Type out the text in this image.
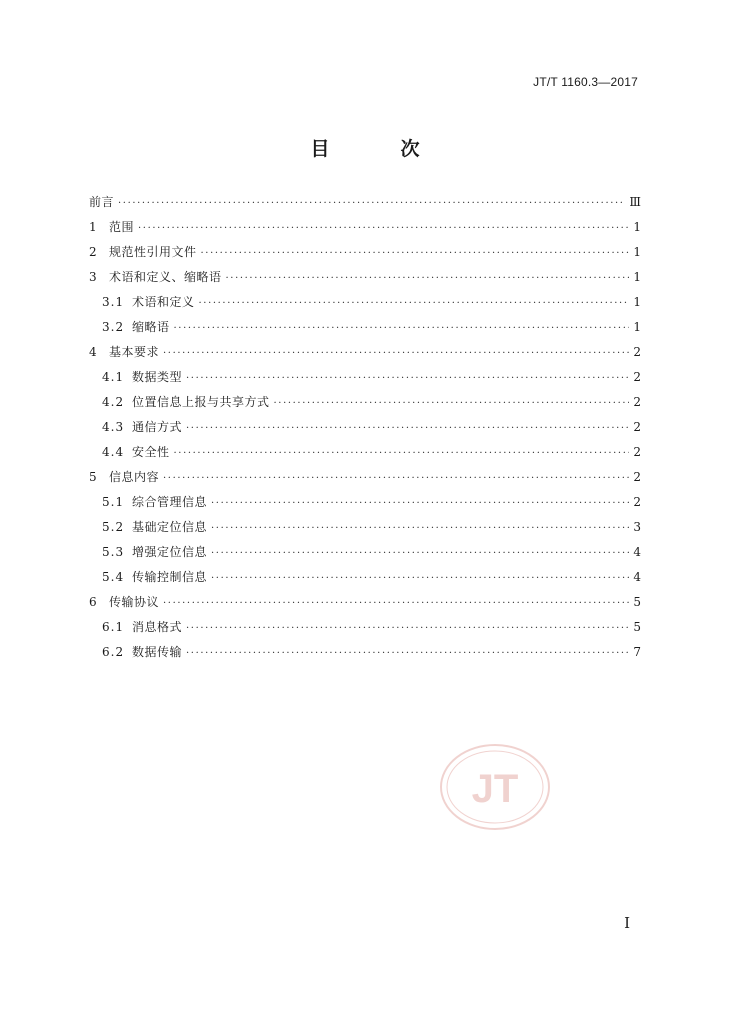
JT/T 1160.3—2017
目　次
前言 ·····	Ⅲ
1	范围 ·····	1
2	规范性引用文件 ·····	1
3	术语和定义、缩略语 ·····	1
3.1 术语和定义 ·····	1
3.2 缩略语 ·····	1
4	基本要求 ·····	2
4.1 数据类型 ·····	2
4.2 位置信息上报与共享方式 ·····	2
4.3 通信方式 ·····	2
4.4 安全性 ·····	2
5	信息内容 ·····	2
5.1 综合管理信息 ·····	2
5.2 基础定位信息 ·····	3
5.3 增强定位信息 ·····	4
5.4 传输控制信息 ·····	4
6	传输协议 ·····	5
6.1 消息格式 ·····	5
6.2 数据传输 ·····	7
JT
I
